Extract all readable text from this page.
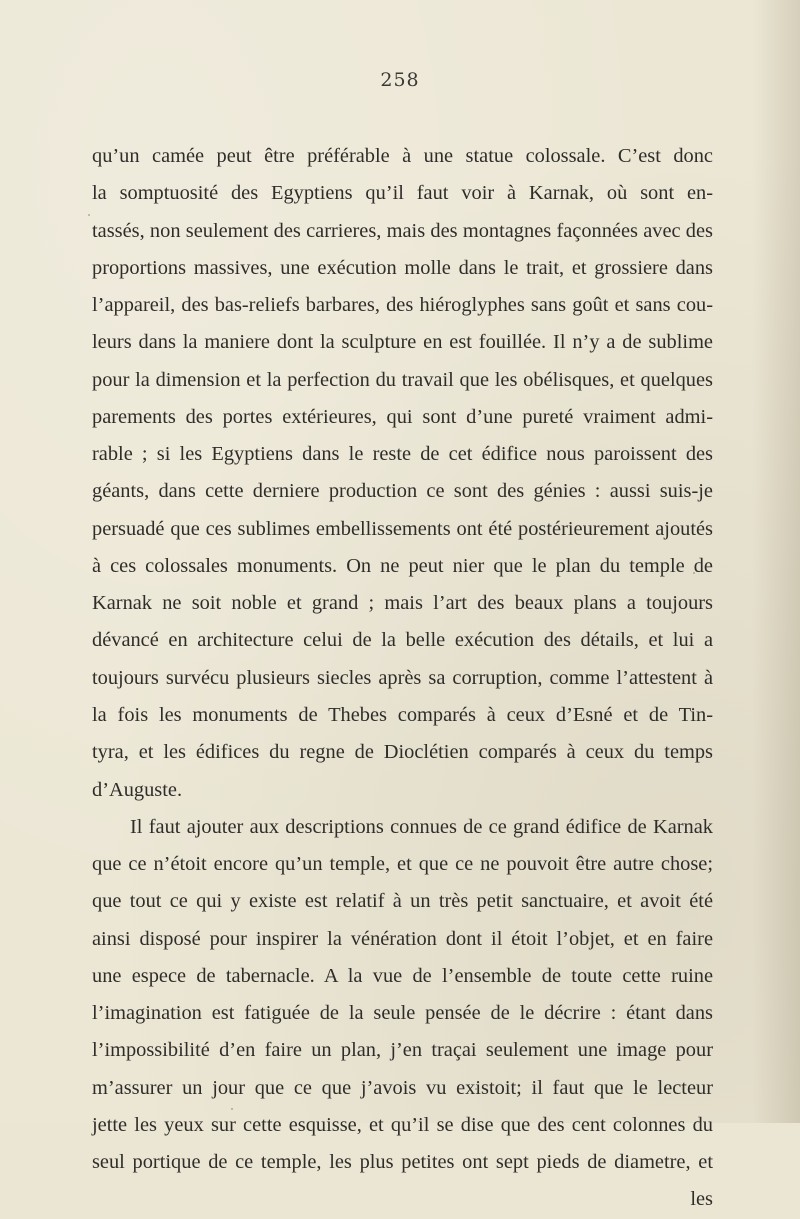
258
qu’un camée peut être préférable à une statue colossale. C’est donc
la somptuosité des Egyptiens qu’il faut voir à Karnak, où sont en-
tassés, non seulement des carrieres, mais des montagnes façonnées avec des
proportions massives, une exécution molle dans le trait, et grossiere dans
l’appareil, des bas-reliefs barbares, des hiéroglyphes sans goût et sans cou-
leurs dans la maniere dont la sculpture en est fouillée. Il n’y a de sublime
pour la dimension et la perfection du travail que les obélisques, et quelques
parements des portes extérieures, qui sont d’une pureté vraiment admi-
rable ; si les Egyptiens dans le reste de cet édifice nous paroissent des
géants, dans cette derniere production ce sont des génies : aussi suis-je
persuadé que ces sublimes embellissements ont été postérieurement ajoutés
à ces colossales monuments. On ne peut nier que le plan du temple de
Karnak ne soit noble et grand ; mais l’art des beaux plans a toujours
dévancé en architecture celui de la belle exécution des détails, et lui a
toujours survécu plusieurs siecles après sa corruption, comme l’attestent à
la fois les monuments de Thebes comparés à ceux d’Esné et de Tin-
tyra, et les édifices du regne de Dioclétien comparés à ceux du temps
d’Auguste.
Il faut ajouter aux descriptions connues de ce grand édifice de Karnak
que ce n’étoit encore qu’un temple, et que ce ne pouvoit être autre chose;
que tout ce qui y existe est relatif à un très petit sanctuaire, et avoit été
ainsi disposé pour inspirer la vénération dont il étoit l’objet, et en faire
une espece de tabernacle. A la vue de l’ensemble de toute cette ruine
l’imagination est fatiguée de la seule pensée de le décrire : étant dans
l’impossibilité d’en faire un plan, j’en traçai seulement une image pour
m’assurer un jour que ce que j’avois vu existoit; il faut que le lecteur
jette les yeux sur cette esquisse, et qu’il se dise que des cent colonnes du
seul portique de ce temple, les plus petites ont sept pieds de diametre, et
les
